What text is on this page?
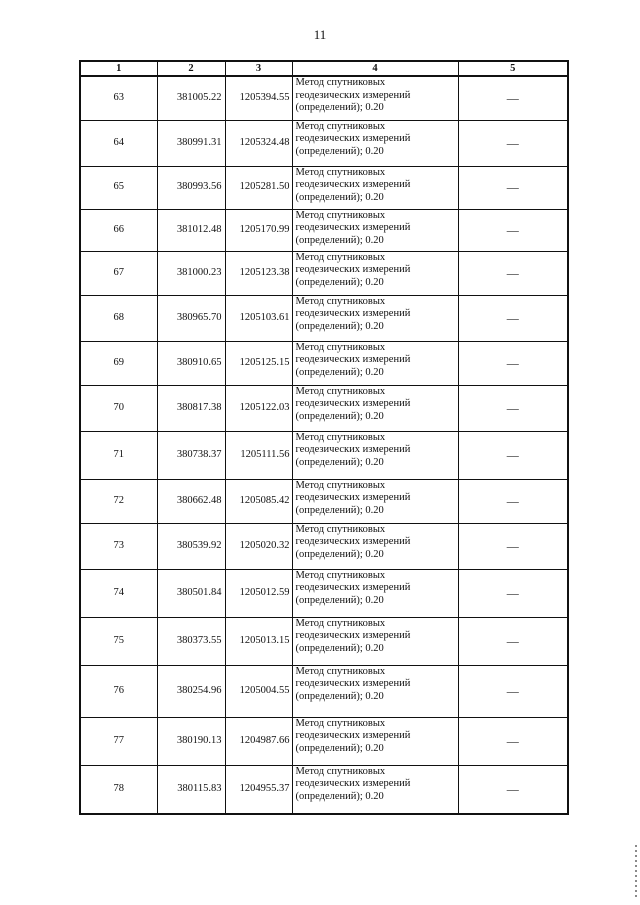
11
1	2	3	4	5
63	381005.22	1205394.55	Метод спутниковых
геодезических измерений
(определений); 0.20	—
64	380991.31	1205324.48	Метод спутниковых
геодезических измерений
(определений); 0.20	—
65	380993.56	1205281.50	Метод спутниковых
геодезических измерений
(определений); 0.20	—
66	381012.48	1205170.99	Метод спутниковых
геодезических измерений
(определений); 0.20	—
67	381000.23	1205123.38	Метод спутниковых
геодезических измерений
(определений); 0.20	—
68	380965.70	1205103.61	Метод спутниковых
геодезических измерений
(определений); 0.20	—
69	380910.65	1205125.15	Метод спутниковых
геодезических измерений
(определений); 0.20	—
70	380817.38	1205122.03	Метод спутниковых
геодезических измерений
(определений); 0.20	—
71	380738.37	1205111.56	Метод спутниковых
геодезических измерений
(определений); 0.20	—
72	380662.48	1205085.42	Метод спутниковых
геодезических измерений
(определений); 0.20	—
73	380539.92	1205020.32	Метод спутниковых
геодезических измерений
(определений); 0.20	—
74	380501.84	1205012.59	Метод спутниковых
геодезических измерений
(определений); 0.20	—
75	380373.55	1205013.15	Метод спутниковых
геодезических измерений
(определений); 0.20	—
76	380254.96	1205004.55	Метод спутниковых
геодезических измерений
(определений); 0.20	—
77	380190.13	1204987.66	Метод спутниковых
геодезических измерений
(определений); 0.20	—
78	380115.83	1204955.37	Метод спутниковых
геодезических измерений
(определений); 0.20	—
